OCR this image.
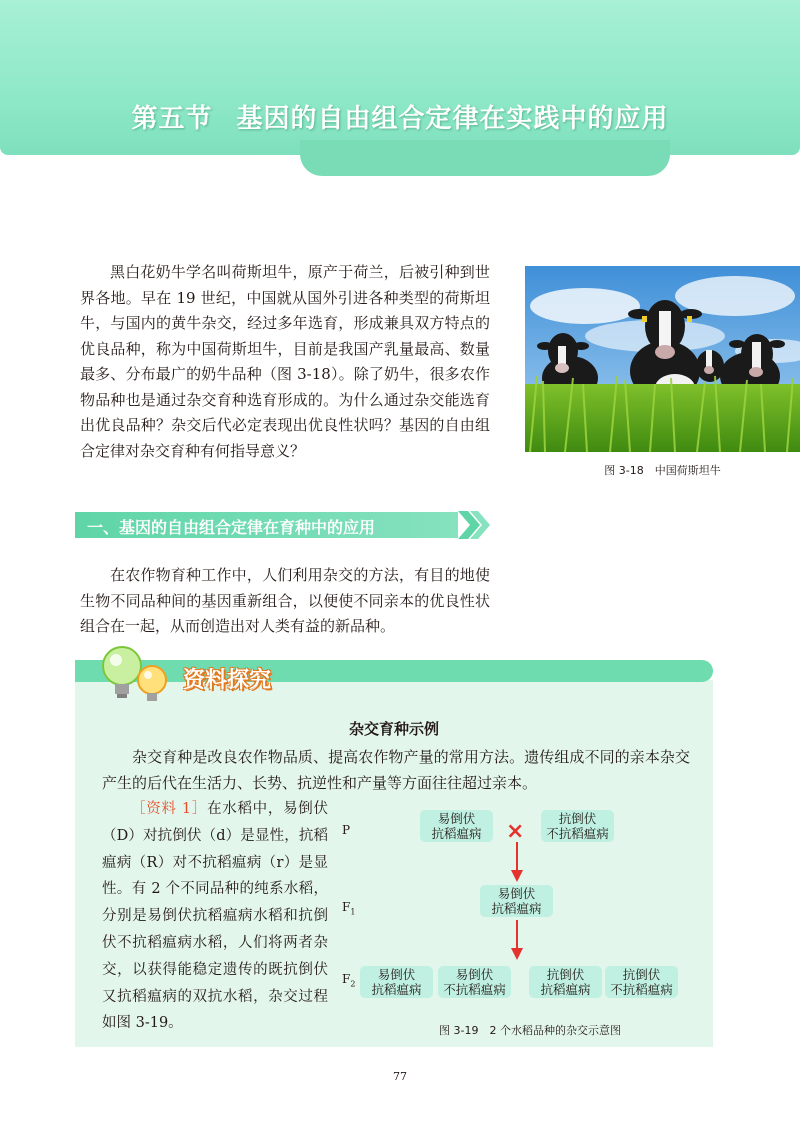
第五节 基因的自由组合定律在实践中的应用

黑白花奶牛学名叫荷斯坦牛，原产于荷兰，后被引种到世界各地。早在 19 世纪，中国就从国外引进各种类型的荷斯坦牛，与国内的黄牛杂交，经过多年选育，形成兼具双方特点的优良品种，称为中国荷斯坦牛，目前是我国产乳量最高、数量最多、分布最广的奶牛品种（图 3-18）。除了奶牛，很多农作物品种也是通过杂交育种选育形成的。为什么通过杂交能选育出优良品种？杂交后代必定表现出优良性状吗？基因的自由组合定律对杂交育种有何指导意义？

图 3-18　中国荷斯坦牛
一、基因的自由组合定律在育种中的应用

在农作物育种工作中，人们利用杂交的方法，有目的地使生物不同品种间的基因重新组合，以便使不同亲本的优良性状组合在一起，从而创造出对人类有益的新品种。

资料探究
杂交育种示例

杂交育种是改良农作物品质、提高农作物产量的常用方法。遗传组成不同的亲本杂交产生的后代在生活力、长势、抗逆性和产量等方面往往超过亲本。

［资料 1］在水稻中，易倒伏（D）对抗倒伏（d）是显性，抗稻瘟病（R）对不抗稻瘟病（r）是显性。有 2 个不同品种的纯系水稻，分别是易倒伏抗稻瘟病水稻和抗倒伏不抗稻瘟病水稻，人们将两者杂交，以获得能稳定遗传的既抗倒伏又抗稻瘟病的双抗水稻，杂交过程如图 3-19。

P
$F_1$
$F_2$
易倒伏
抗稻瘟病	×
抗倒伏
不抗稻瘟病
易倒伏
抗稻瘟病
易倒伏
抗稻瘟病
易倒伏
不抗稻瘟病
抗倒伏
抗稻瘟病
抗倒伏
不抗稻瘟病
图 3-19　2 个水稻品种的杂交示意图
77
